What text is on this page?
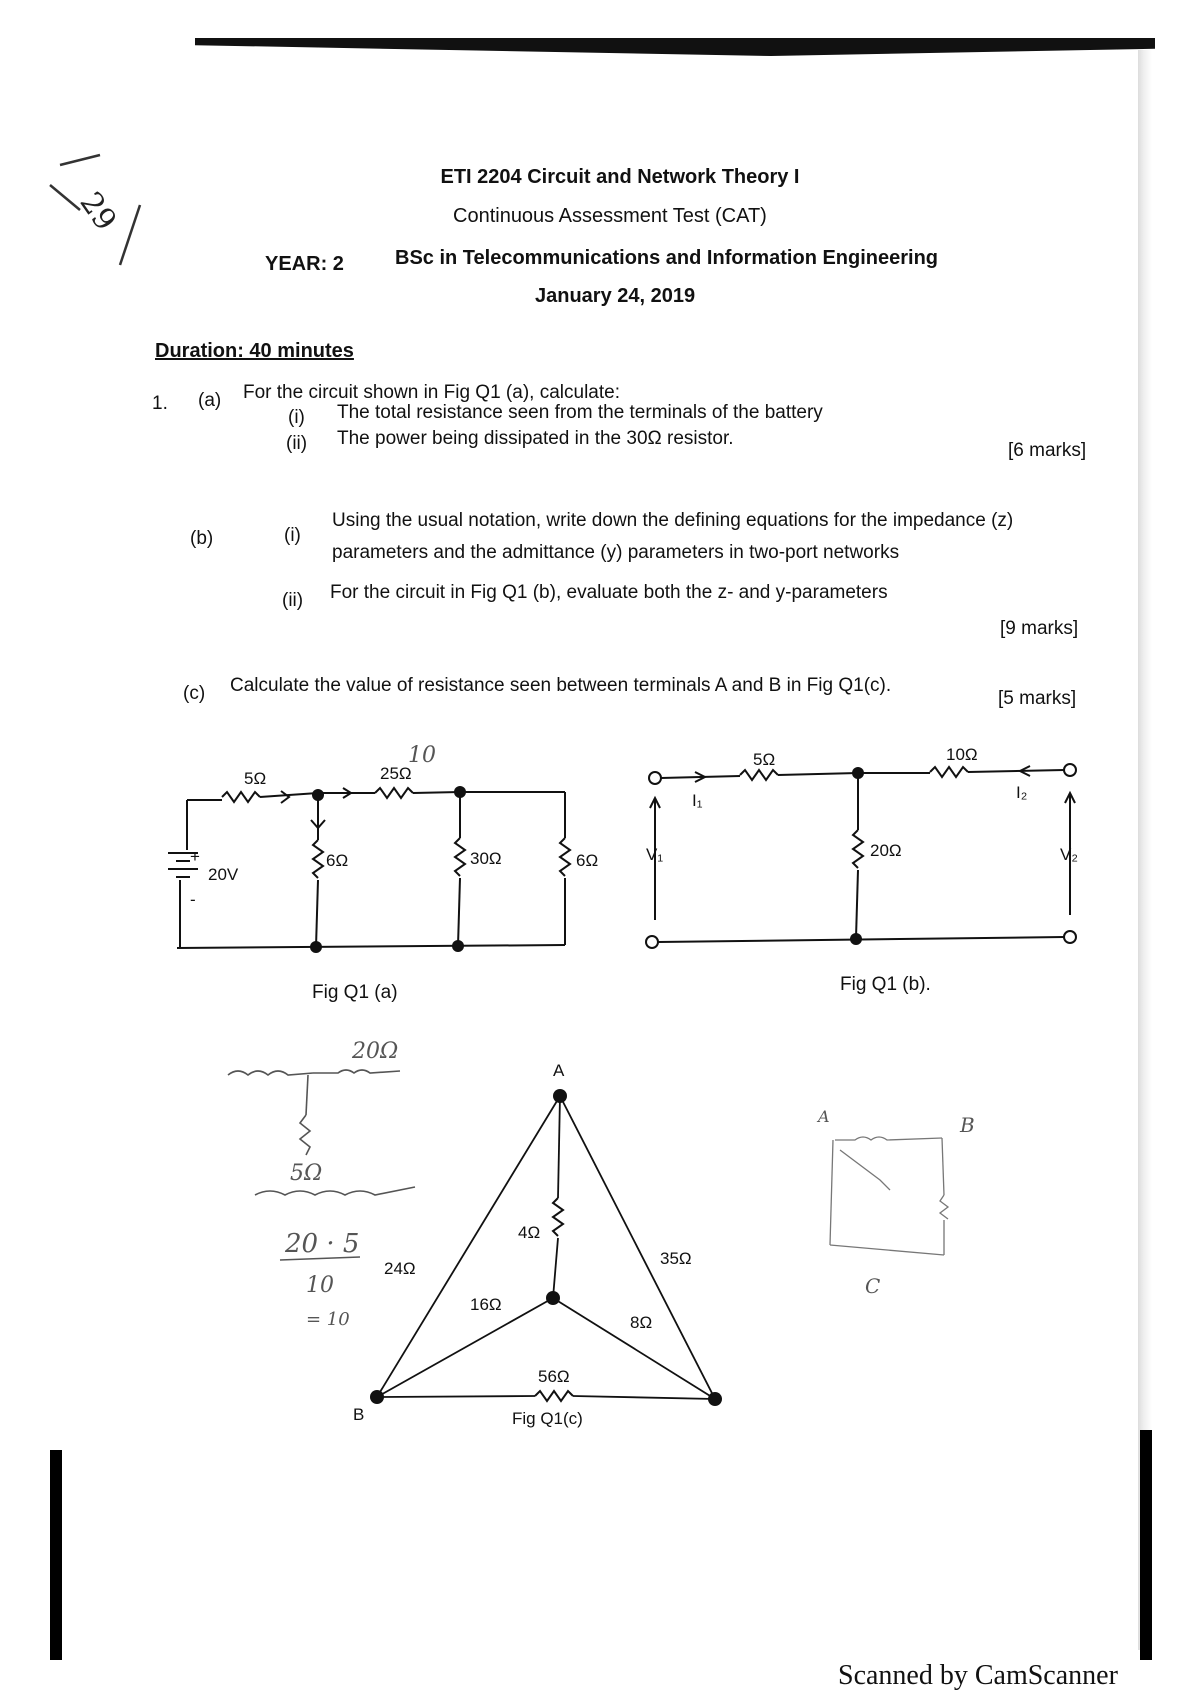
29
ETI 2204 Circuit and Network Theory I
Continuous Assessment Test (CAT)
YEAR: 2	BSc in Telecommunications and Information Engineering
January 24, 2019
Duration: 40 minutes
1. (a) For the circuit shown in Fig Q1 (a), calculate:
(i) The total resistance seen from the terminals of the battery
(ii) The power being dissipated in the 30Ω resistor.
[6 marks]
(b)	(i)
Using the usual notation, write down the defining equations for the impedance (z)
parameters and the admittance (y) parameters in two-port networks
(ii) For the circuit in Fig Q1 (b), evaluate both the z- and y-parameters
[9 marks]
(c) Calculate the value of resistance seen between terminals A and B in Fig Q1(c).
[5 marks]
5Ω	25Ω
6Ω	30Ω	6Ω
20V
+
-
10
Fig Q1 (a)
5Ω	10Ω
20Ω
I₁	I₂
V₁	V₂
Fig Q1 (b).
A
B
4Ω
24Ω
35Ω
16Ω
8Ω
56Ω
Fig Q1(c)
20Ω
5Ω
20 · 5
10
= 10
A	B
C
Scanned by CamScanner
